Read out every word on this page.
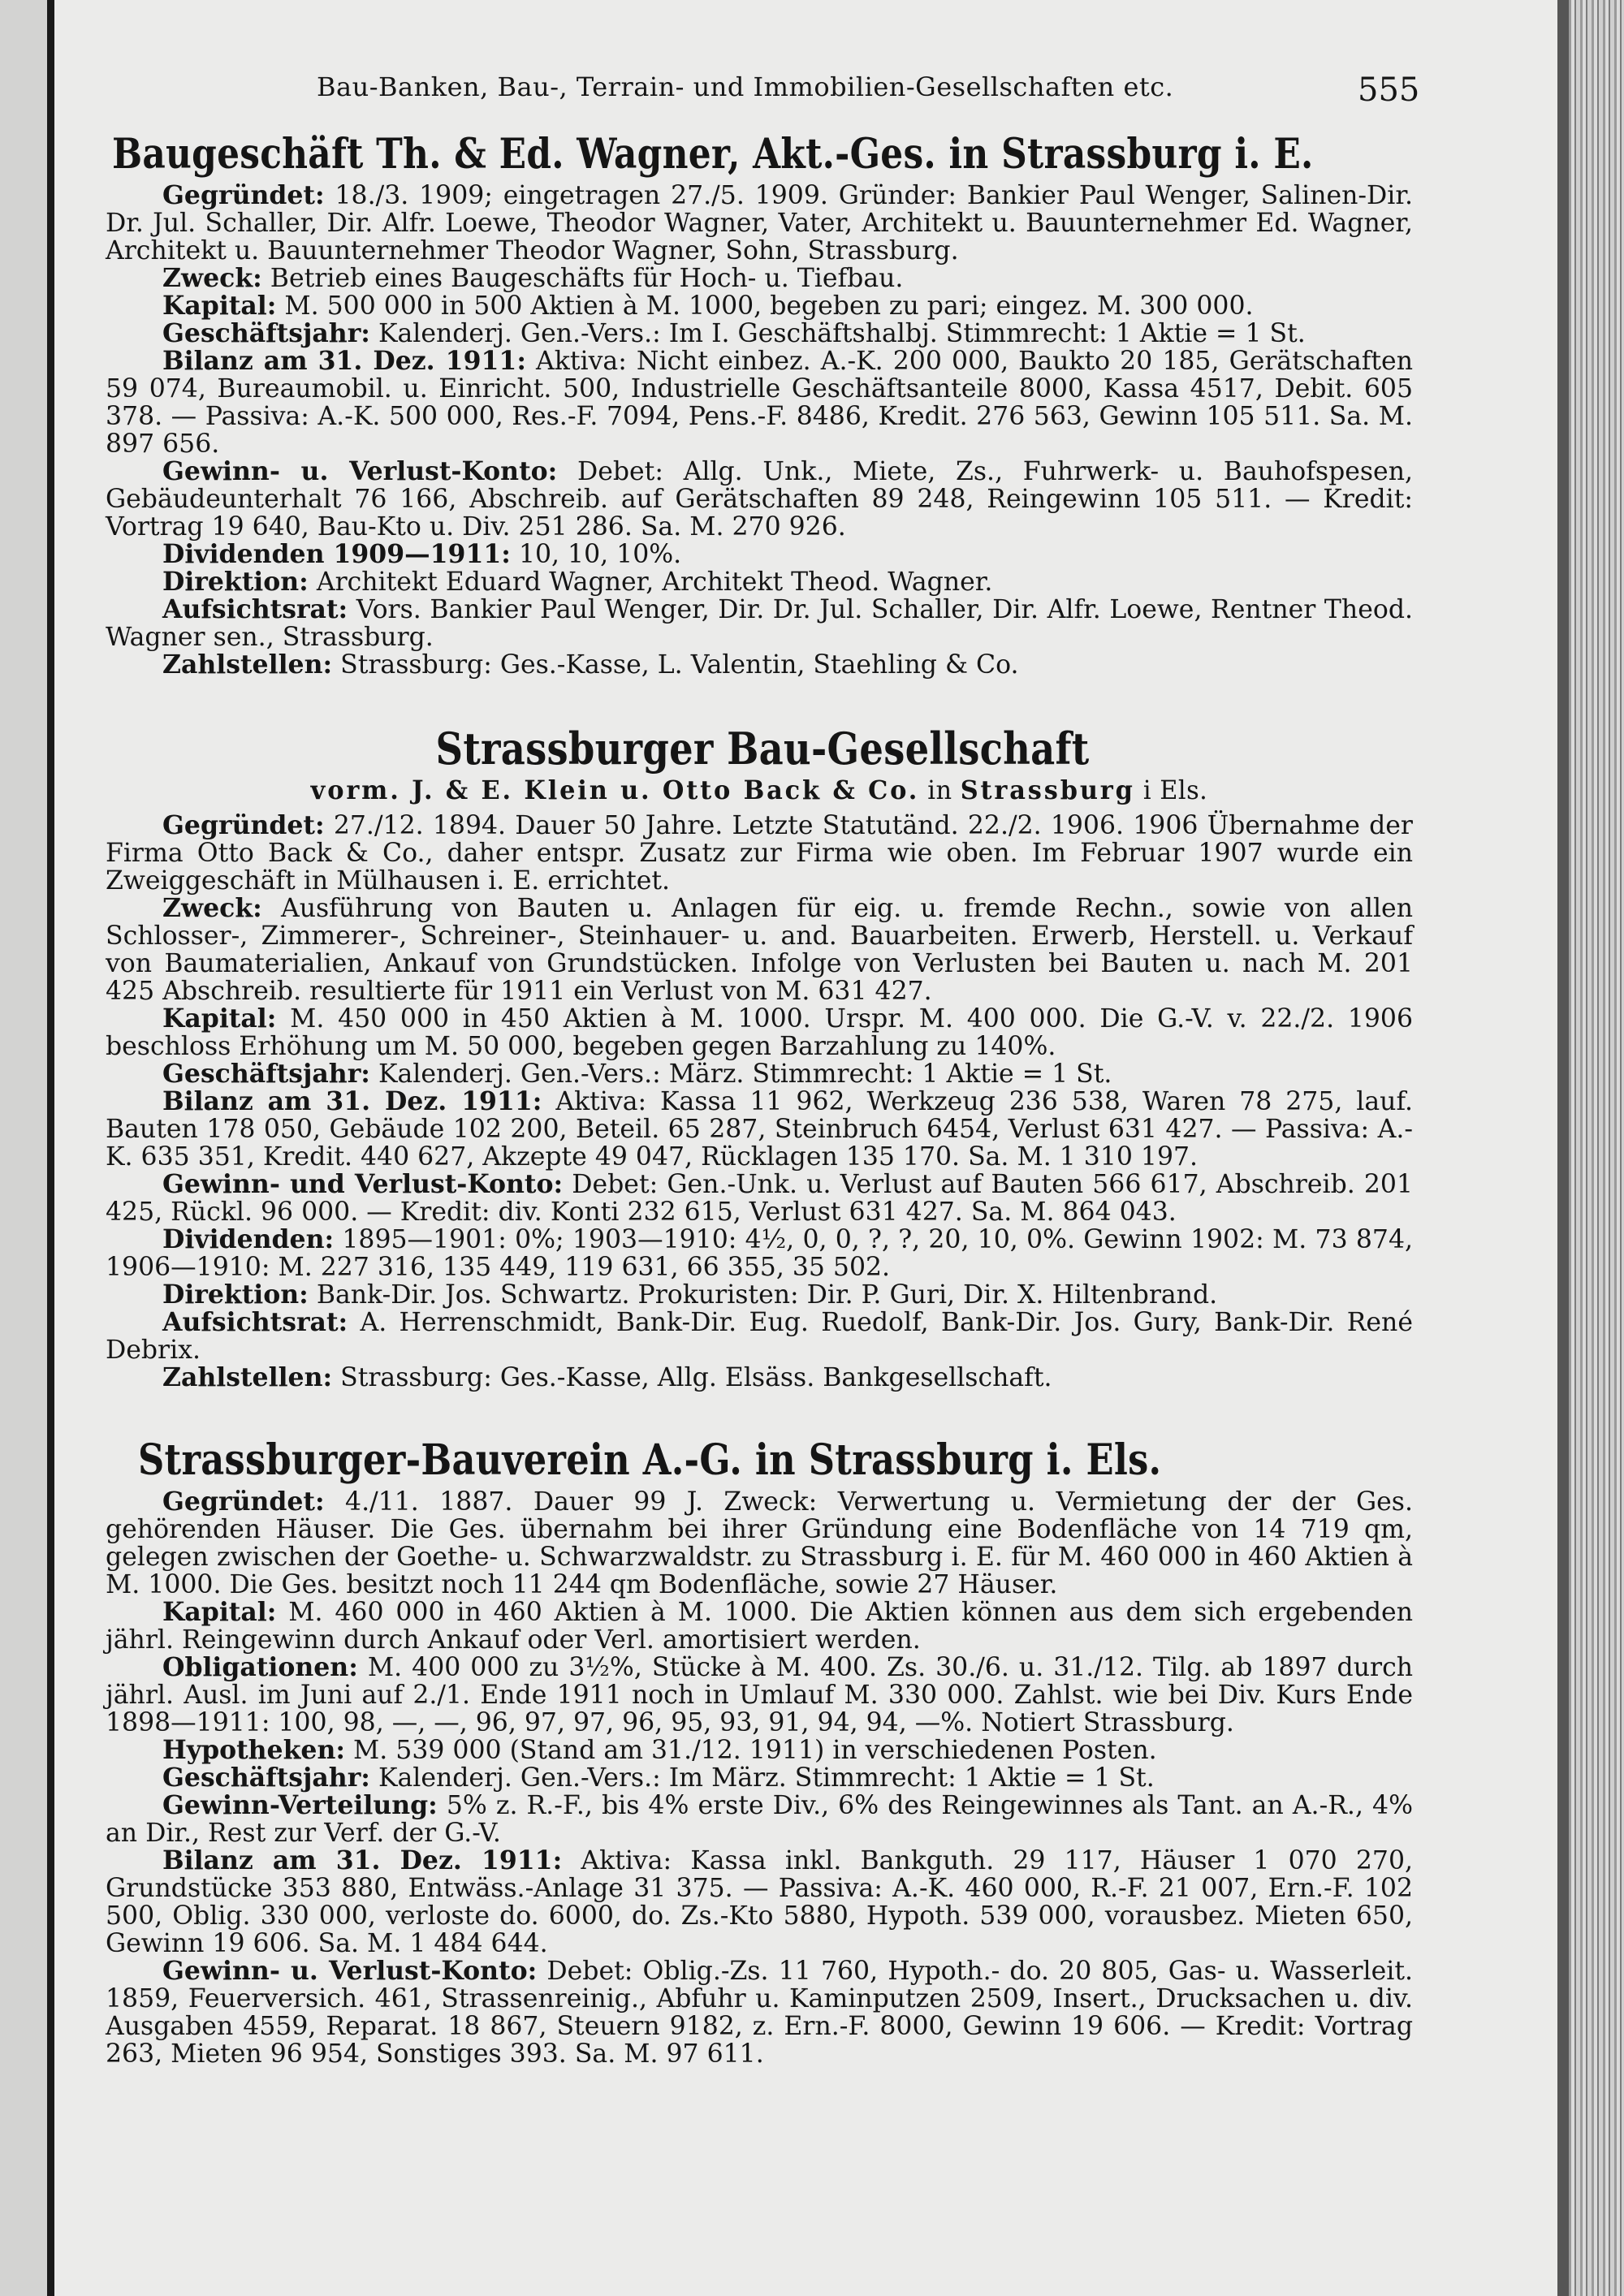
Bau-Banken, Bau-, Terrain- und Immobilien-Gesellschaften etc.	555
Baugeschäft Th. & Ed. Wagner, Akt.-Ges. in Strassburg i. E.

Gegründet: 18./3. 1909; eingetragen 27./5. 1909. Gründer: Bankier Paul Wenger, Salinen-Dir. Dr. Jul. Schaller, Dir. Alfr. Loewe, Theodor Wagner, Vater, Architekt u. Bauunternehmer Ed. Wagner, Architekt u. Bauunternehmer Theodor Wagner, Sohn, Strassburg.

Zweck: Betrieb eines Baugeschäfts für Hoch- u. Tiefbau.

Kapital: M. 500 000 in 500 Aktien à M. 1000, begeben zu pari; eingez. M. 300 000.

Geschäftsjahr: Kalenderj. Gen.-Vers.: Im I. Geschäftshalbj. Stimmrecht: 1 Aktie = 1 St.

Bilanz am 31. Dez. 1911: Aktiva: Nicht einbez. A.-K. 200 000, Baukto 20 185, Gerätschaften 59 074, Bureaumobil. u. Einricht. 500, Industrielle Geschäftsanteile 8000, Kassa 4517, Debit. 605 378. — Passiva: A.-K. 500 000, Res.-F. 7094, Pens.-F. 8486, Kredit. 276 563, Gewinn 105 511. Sa. M. 897 656.

Gewinn- u. Verlust-Konto: Debet: Allg. Unk., Miete, Zs., Fuhrwerk- u. Bauhofspesen, Gebäudeunterhalt 76 166, Abschreib. auf Gerätschaften 89 248, Reingewinn 105 511. — Kredit: Vortrag 19 640, Bau-Kto u. Div. 251 286. Sa. M. 270 926.

Dividenden 1909—1911: 10, 10, 10%.

Direktion: Architekt Eduard Wagner, Architekt Theod. Wagner.

Aufsichtsrat: Vors. Bankier Paul Wenger, Dir. Dr. Jul. Schaller, Dir. Alfr. Loewe, Rentner Theod. Wagner sen., Strassburg.

Zahlstellen: Strassburg: Ges.-Kasse, L. Valentin, Staehling & Co.

Strassburger Bau-Gesellschaft
vorm. J. & E. Klein u. Otto Back & Co. in Strassburg i Els.

Gegründet: 27./12. 1894. Dauer 50 Jahre. Letzte Statutänd. 22./2. 1906. 1906 Übernahme der Firma Otto Back & Co., daher entspr. Zusatz zur Firma wie oben. Im Februar 1907 wurde ein Zweiggeschäft in Mülhausen i. E. errichtet.

Zweck: Ausführung von Bauten u. Anlagen für eig. u. fremde Rechn., sowie von allen Schlosser-, Zimmerer-, Schreiner-, Steinhauer- u. and. Bauarbeiten. Erwerb, Herstell. u. Verkauf von Baumaterialien, Ankauf von Grundstücken. Infolge von Verlusten bei Bauten u. nach M. 201 425 Abschreib. resultierte für 1911 ein Verlust von M. 631 427.

Kapital: M. 450 000 in 450 Aktien à M. 1000. Urspr. M. 400 000. Die G.-V. v. 22./2. 1906 beschloss Erhöhung um M. 50 000, begeben gegen Barzahlung zu 140%.

Geschäftsjahr: Kalenderj. Gen.-Vers.: März. Stimmrecht: 1 Aktie = 1 St.

Bilanz am 31. Dez. 1911: Aktiva: Kassa 11 962, Werkzeug 236 538, Waren 78 275, lauf. Bauten 178 050, Gebäude 102 200, Beteil. 65 287, Steinbruch 6454, Verlust 631 427. — Passiva: A.-K. 635 351, Kredit. 440 627, Akzepte 49 047, Rücklagen 135 170. Sa. M. 1 310 197.

Gewinn- und Verlust-Konto: Debet: Gen.-Unk. u. Verlust auf Bauten 566 617, Abschreib. 201 425, Rückl. 96 000. — Kredit: div. Konti 232 615, Verlust 631 427. Sa. M. 864 043.

Dividenden: 1895—1901: 0%; 1903—1910: 4½, 0, 0, ?, ?, 20, 10, 0%. Gewinn 1902: M. 73 874, 1906—1910: M. 227 316, 135 449, 119 631, 66 355, 35 502.

Direktion: Bank-Dir. Jos. Schwartz. Prokuristen: Dir. P. Guri, Dir. X. Hiltenbrand.

Aufsichtsrat: A. Herrenschmidt, Bank-Dir. Eug. Ruedolf, Bank-Dir. Jos. Gury, Bank-Dir. René Debrix.

Zahlstellen: Strassburg: Ges.-Kasse, Allg. Elsäss. Bankgesellschaft.

Strassburger-Bauverein A.-G. in Strassburg i. Els.

Gegründet: 4./11. 1887. Dauer 99 J. Zweck: Verwertung u. Vermietung der der Ges. gehörenden Häuser. Die Ges. übernahm bei ihrer Gründung eine Bodenfläche von 14 719 qm, gelegen zwischen der Goethe- u. Schwarzwaldstr. zu Strassburg i. E. für M. 460 000 in 460 Aktien à M. 1000. Die Ges. besitzt noch 11 244 qm Bodenfläche, sowie 27 Häuser.

Kapital: M. 460 000 in 460 Aktien à M. 1000. Die Aktien können aus dem sich ergebenden jährl. Reingewinn durch Ankauf oder Verl. amortisiert werden.

Obligationen: M. 400 000 zu 3½%, Stücke à M. 400. Zs. 30./6. u. 31./12. Tilg. ab 1897 durch jährl. Ausl. im Juni auf 2./1. Ende 1911 noch in Umlauf M. 330 000. Zahlst. wie bei Div. Kurs Ende 1898—1911: 100, 98, —, —, 96, 97, 97, 96, 95, 93, 91, 94, 94, —%. Notiert Strassburg.

Hypotheken: M. 539 000 (Stand am 31./12. 1911) in verschiedenen Posten.

Geschäftsjahr: Kalenderj. Gen.-Vers.: Im März. Stimmrecht: 1 Aktie = 1 St.

Gewinn-Verteilung: 5% z. R.-F., bis 4% erste Div., 6% des Reingewinnes als Tant. an A.-R., 4% an Dir., Rest zur Verf. der G.-V.

Bilanz am 31. Dez. 1911: Aktiva: Kassa inkl. Bankguth. 29 117, Häuser 1 070 270, Grundstücke 353 880, Entwäss.-Anlage 31 375. — Passiva: A.-K. 460 000, R.-F. 21 007, Ern.-F. 102 500, Oblig. 330 000, verloste do. 6000, do. Zs.-Kto 5880, Hypoth. 539 000, vorausbez. Mieten 650, Gewinn 19 606. Sa. M. 1 484 644.

Gewinn- u. Verlust-Konto: Debet: Oblig.-Zs. 11 760, Hypoth.- do. 20 805, Gas- u. Wasserleit. 1859, Feuerversich. 461, Strassenreinig., Abfuhr u. Kaminputzen 2509, Insert., Drucksachen u. div. Ausgaben 4559, Reparat. 18 867, Steuern 9182, z. Ern.-F. 8000, Gewinn 19 606. — Kredit: Vortrag 263, Mieten 96 954, Sonstiges 393. Sa. M. 97 611.
